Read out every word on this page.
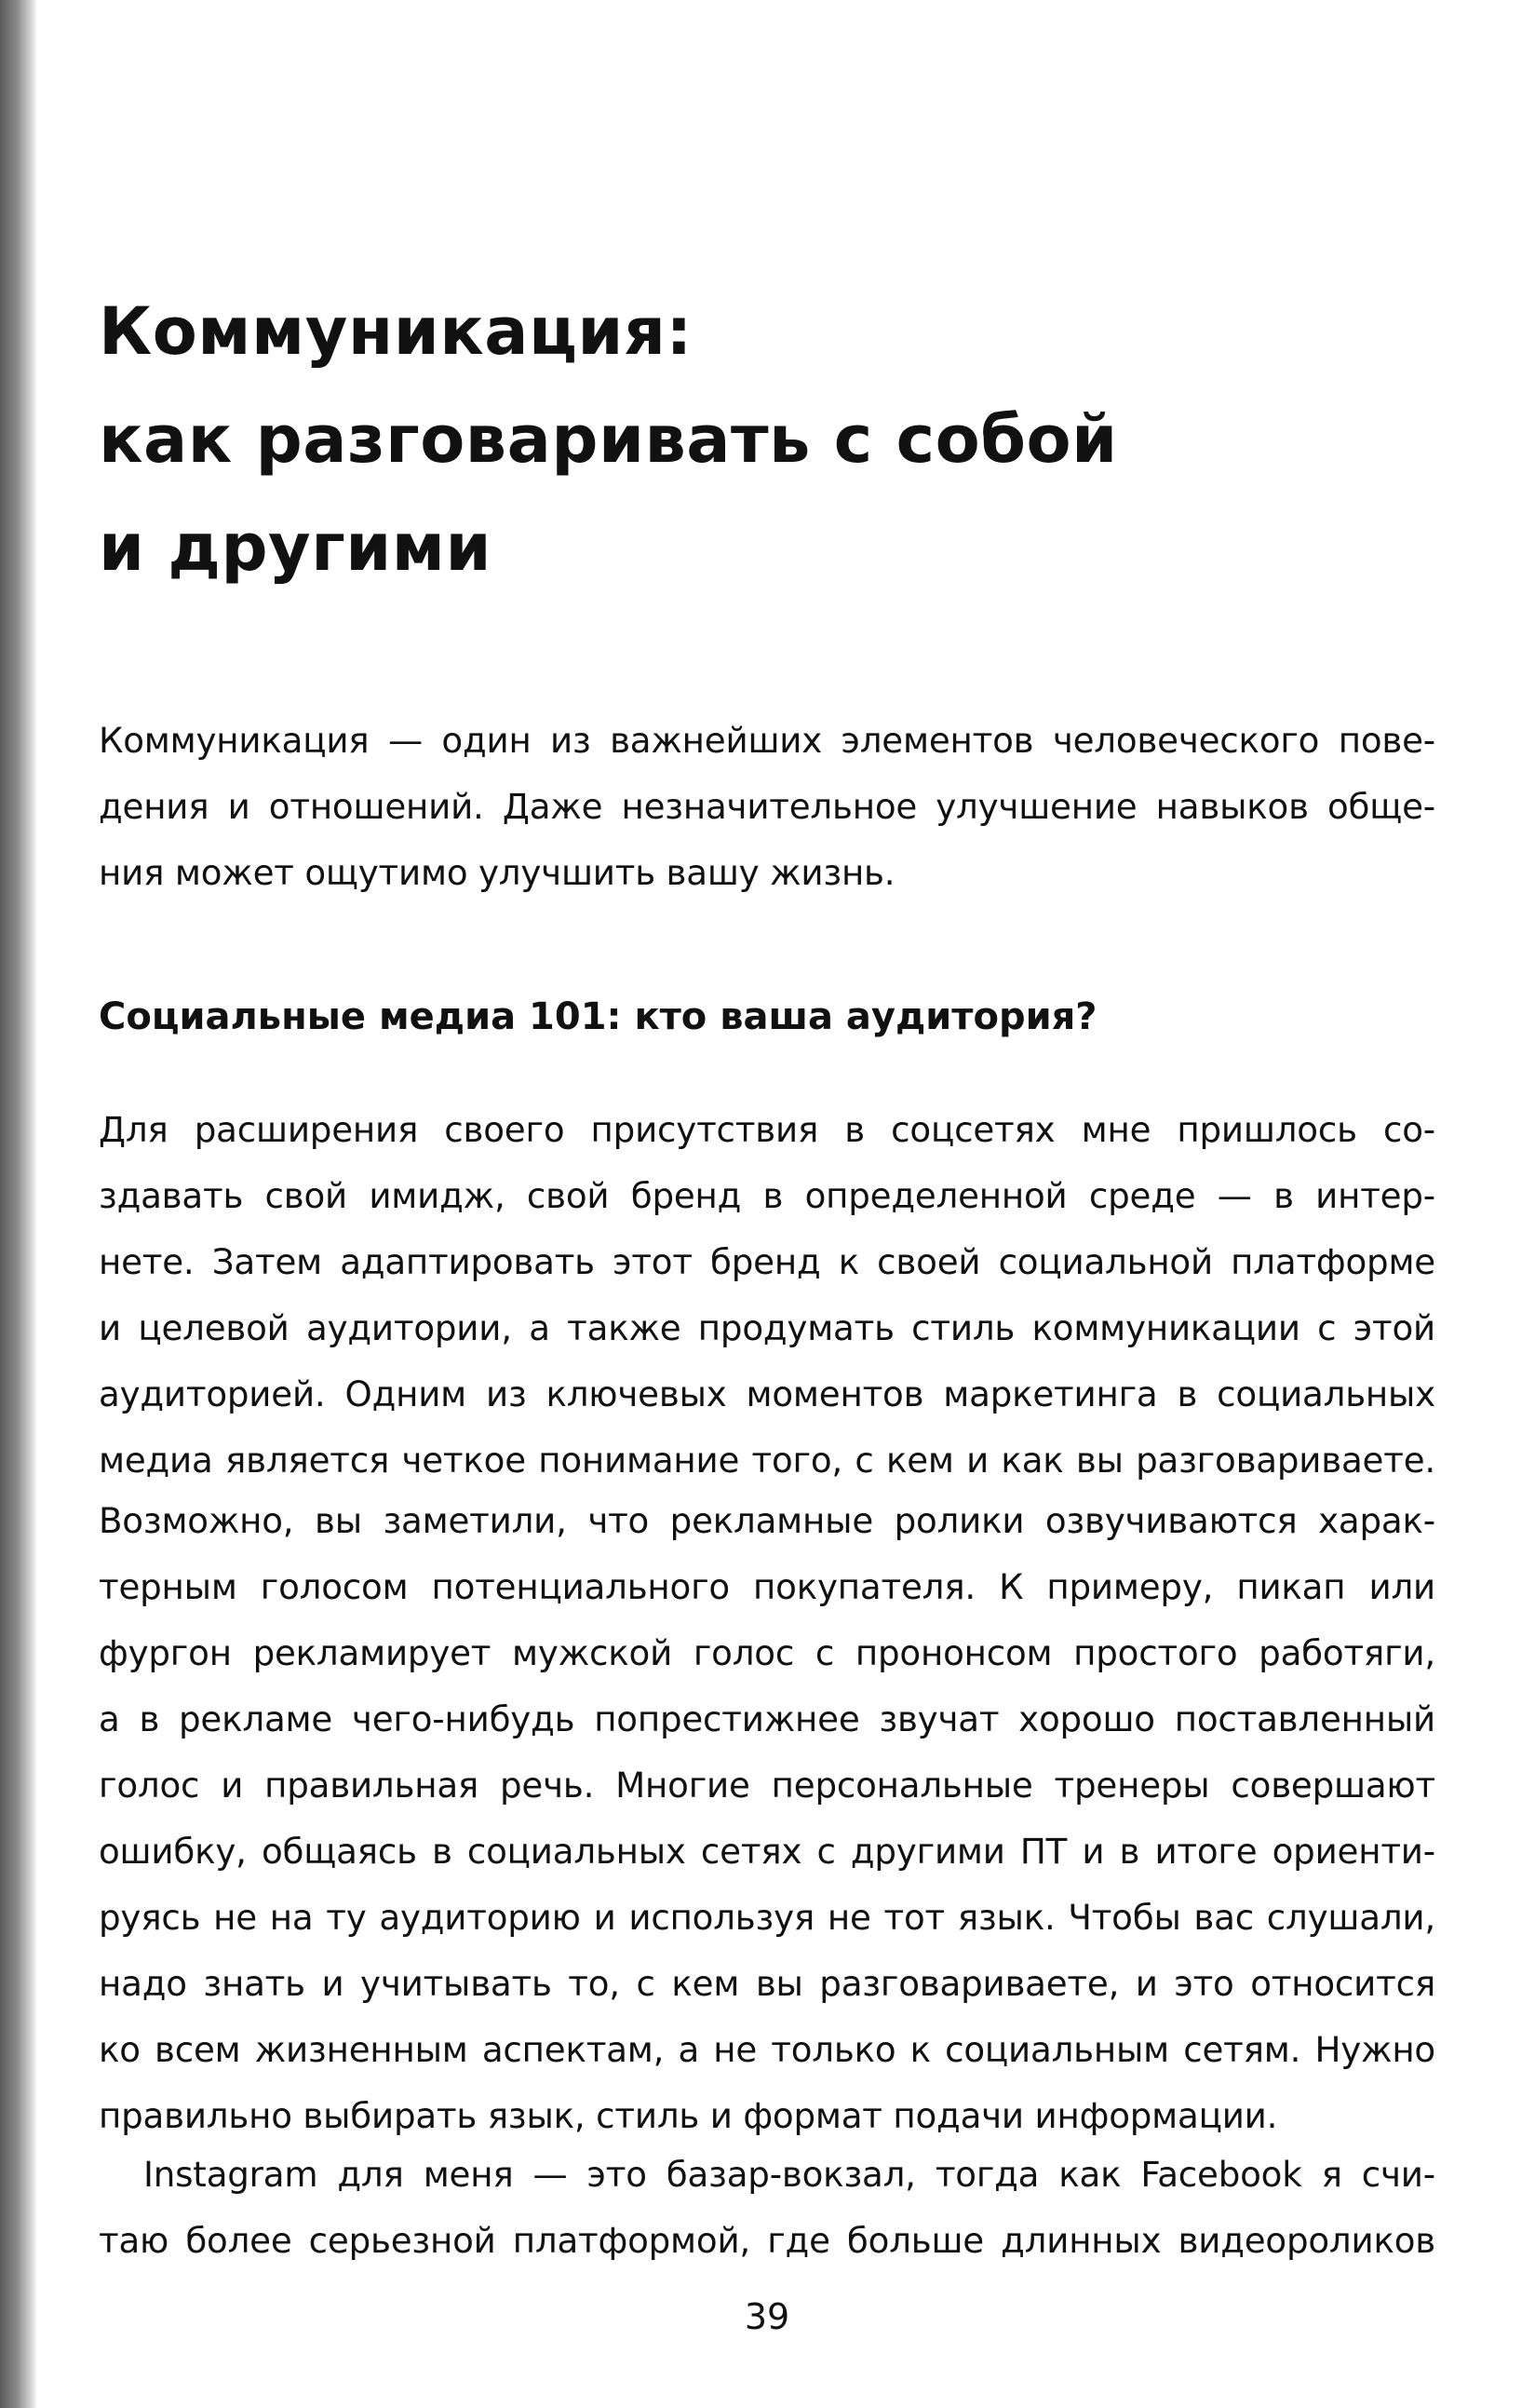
Коммуникация:
как разговаривать с собой
и другими

Коммуникация — один из важнейших элементов человеческого пове-
дения и отношений. Даже незначительное улучшение навыков обще-
ния может ощутимо улучшить вашу жизнь.

Социальные медиа 101: кто ваша аудитория?

Для расширения своего присутствия в соцсетях мне пришлось со-
здавать свой имидж, свой бренд в определенной среде — в интер-
нете. Затем адаптировать этот бренд к своей социальной платформе
и целевой аудитории, а также продумать стиль коммуникации с этой
аудиторией. Одним из ключевых моментов маркетинга в социальных
медиа является четкое понимание того, с кем и как вы разговариваете.

Возможно, вы заметили, что рекламные ролики озвучиваются харак-
терным голосом потенциального покупателя. К примеру, пикап или
фургон рекламирует мужской голос с прононсом простого работяги,
а в рекламе чего-нибудь попрестижнее звучат хорошо поставленный
голос и правильная речь. Многие персональные тренеры совершают
ошибку, общаясь в социальных сетях с другими ПТ и в итоге ориенти-
руясь не на ту аудиторию и используя не тот язык. Чтобы вас слушали,
надо знать и учитывать то, с кем вы разговариваете, и это относится
ко всем жизненным аспектам, а не только к социальным сетям. Нужно
правильно выбирать язык, стиль и формат подачи информации.

Instagram для меня — это базар-вокзал, тогда как Facebook я счи-
таю более серьезной платформой, где больше длинных видеороликов

39
